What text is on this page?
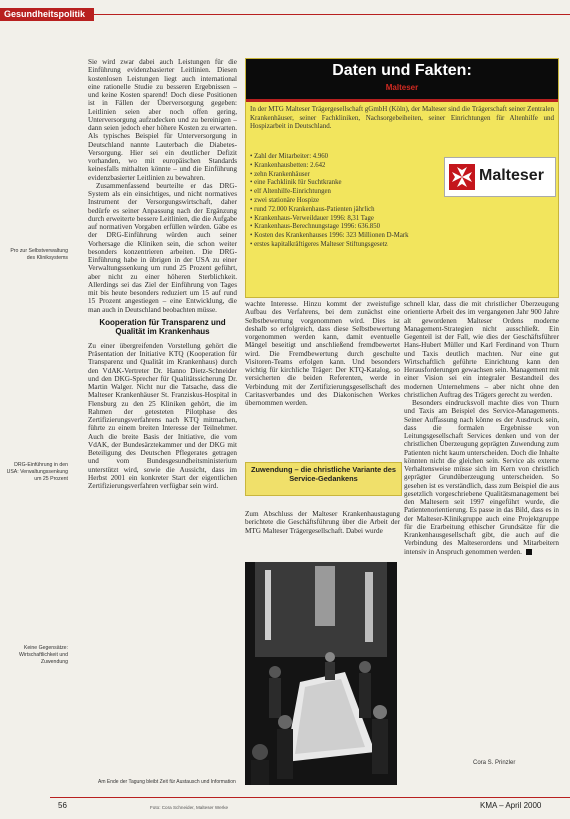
Gesundheitspolitik
Pro zur Selbstverwaltung des Kliniksystems
DRG-Einführung in den USA: Verwaltungssenkung um 25 Prozent
Keine Gegensätze: Wirtschaftlichkeit und Zuwendung

Sie wird zwar dabei auch Leistungen für die Einführung evidenzbasierter Leitlinien. Diesen kostenlosen Leistungen liegt auch international eine rationelle Studie zu besseren Ergebnissen – und keine Kosten sparend! Doch diese Positionen ist in Fällen der Überversorgung gegeben: Leitlinien seien aber noch offen gering, Unterversorgung aufzudecken und zu bereinigen – dann seien jedoch eher höhere Kosten zu erwarten. Als typisches Beispiel für Unterversorgung in Deutschland nannte Lauterbach die Diabetes-Versorgung. Hier sei ein deutlicher Defizit vorhanden, wo mit europäischen Standards keinesfalls mithalten könnte – und die Einführung evidenzbasierter Leitlinien zu bewahren.

Zusammenfassend beurteilte er das DRG-System als ein einsichtiges, und nicht normatives Instrument der Versorgungswirtschaft, daher bedürfe es seiner Anpassung nach der Ergänzung durch erweiterte bessere Leitlinien, die die Aufgabe auf normativen Vorgaben erfüllen würden. Gäbe es der DRG-Einführung würden auch seiner Vorhersage die Kliniken sein, die schon weiter besonders konzentrieren arbeiten. Die DRG-Einführung habe in übrigen in der USA zu einer Verwaltungssenkung um rund 25 Prozent geführt, aber nicht zu einer höheren Sterblichkeit. Allerdings sei das Ziel der Einführung von Tages mit bis heute besonders reduziert um 15 auf rund 15 Prozent angestiegen – eine Entwicklung, die man auch in Deutschland beobachten müsse.

Kooperation für Transparenz und Qualität im Krankenhaus

Zu einer übergreifenden Vorstellung gehört die Präsentation der Initiative KTQ (Kooperation für Transparenz und Qualität im Krankenhaus) durch den VdAK-Vertreter Dr. Hanno Dietz-Schneider und den DKG-Sprecher für Qualitätssicherung Dr. Martin Walger. Nicht nur die Tatsache, dass die Malteser Krankenhäuser St. Franziskus-Hospital in Flensburg zu den 25 Kliniken gehört, die im Rahmen der getesteten Pilotphase des Zertifizierungsverfahrens nach KTQ mitmachen, führte zu einem breiten Interesse der Teilnehmer. Auch die breite Basis der Initiative, die vom VdAK, der Bundesärztekammer und der DKG mit Beteiligung des Deutschen Pflegerates getragen und vom Bundesgesundheitsministerium unterstützt wird, sowie die Aussicht, dass im Herbst 2001 ein konkreter Start der eigentlichen Zertifizierungsverfahren verfügbar sein wird.

Daten und Fakten:
Malteser
In der MTG Malteser Trägergesellschaft gGmbH (Köln), der Malteser sind die Trägerschaft seiner Zentralen Krankenhäuser, seiner Fachkliniken, Nachsorgebeiheiten, seiner Einrichtungen für Altenhilfe und Hospizarbeit in Deutschland.
• Zahl der Mitarbeiter: 4.960
• Krankenhausbetten: 2.642
• zehn Krankenhäuser
• eine Fachklinik für Suchtkranke
• elf Altenhilfe-Einrichtungen
• zwei stationäre Hospize
• rund 72.000 Krankenhaus-Patienten jährlich
• Krankenhaus-Verweildauer 1996: 8,31 Tage
• Krankenhaus-Berechnungstage 1996: 636.850
• Kosten des Krankenhauses 1996: 323 Millionen D-Mark
• erstes kapitalkräftigeres Malteser Stiftungsgesetz
Malteser

wachte Interesse. Hinzu kommt der zweistufige Aufbau des Verfahrens, bei dem zunächst eine Selbstbewertung vorgenommen wird. Dies ist deshalb so erfolgreich, dass diese Selbstbewertung vorgenommen werden kann, damit eventuelle Mängel beseitigt und anschließend fremdbewertet wird. Die Fremdbewertung durch geschulte Visitoren-Teams erfolgen kann. Und besonders wichtig für kirchliche Träger: Der KTQ-Katalog, so versicherten die beiden Referenten, werde in Verbindung mit der Zertifizierungsgesellschaft des Caritasverbandes und des Diakonischen Werkes übernommen werden.

Zuwendung – die christliche Variante des Service-Gedankens

Zum Abschluss der Malteser Krankenhaustagung berichtete die Geschäftsführung über die Arbeit der MTG Malteser Trägergesellschaft. Dabei wurde

Am Ende der Tagung bleibt Zeit für Austausch und Information
Foto: Cora Schneider, Malteser Werke

schnell klar, dass die mit christlicher Überzeugung orientierte Arbeit des im vergangenen Jahr 900 Jahre alt gewordenen Malteser Ordens moderne Management-Strategien nicht ausschließt. Ein Gegenteil ist der Fall, wie dies der Geschäftsführer Hans-Hubert Müller und Karl Ferdinand von Thurn und Taxis deutlich machten. Nur eine gut Wirtschaftlich geführte Einrichtung kann den Herausforderungen gewachsen sein. Management mit einer Vision sei ein integraler Bestandteil des modernen Unternehmens – aber nicht ohne den christlichen Auftrag des Trägers gerecht zu werden.

Besonders eindrucksvoll machte dies von Thurn und Taxis am Beispiel des Service-Managements. Seiner Auffassung nach könne es der Ausdruck sein, dass die formalen Ergebnisse von Leitungsgesellschaft Services denken und von der christlichen Überzeugung geprägten Zuwendung zum Patienten nicht kaum unterscheiden. Doch die Inhalte könnten nicht die gleichen sein. Service als externe Verhaltensweise müsse sich im Kern von christlich geprägter Grundüberzeugung unterscheiden. So gesehen ist es verständlich, dass zum Beispiel die aus gesetzlich vorgeschriebene Qualitätsmanagement bei den Maltesern seit 1997 eingeführt wurde, die Patientenorientierung. Es passe in das Bild, dass es in der Malteser-Klinikgruppe auch eine Projektgruppe für die Erarbeitung ethischer Grundsätze für die Krankenhausgesellschaft gibt, die auch auf die Verbindung des Malteserordens und Mitarbeitern intensiv in Anspruch genommen werden.

Cora S. Prinzler
56	KMA – April 2000
